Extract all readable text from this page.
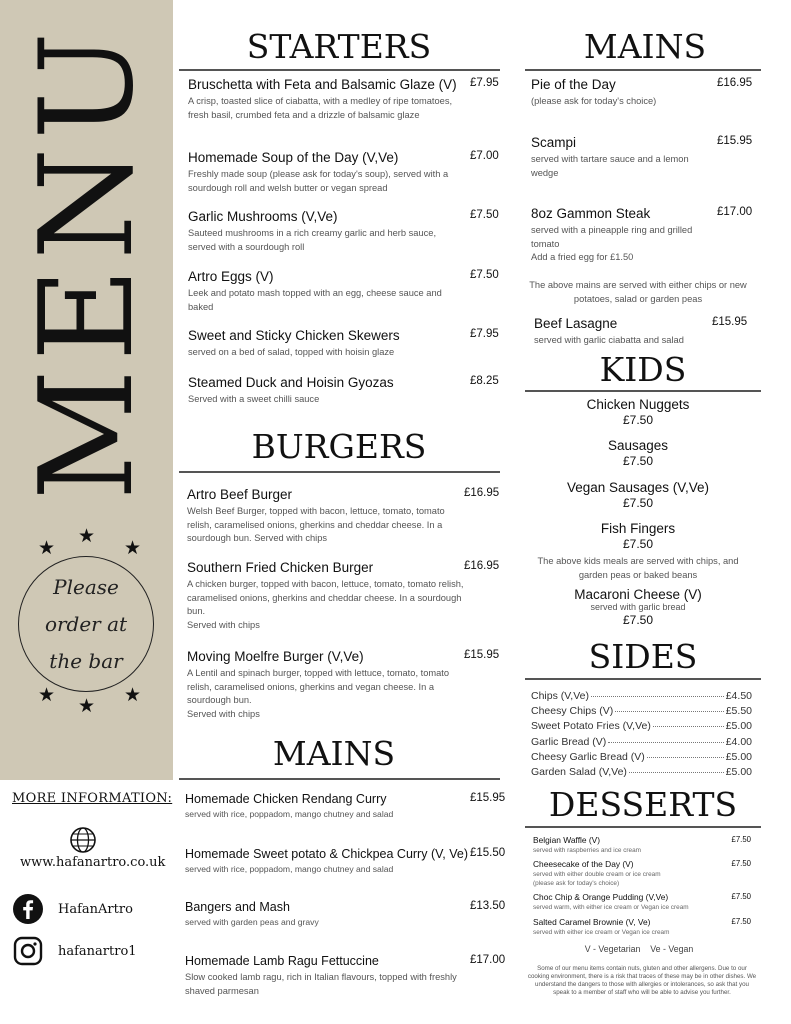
MENU
★
★
★
★ ★ ★
Please
order at
the bar
MORE INFORMATION:
www.hafanartro.co.uk
HafanArtro
hafanartro1
STARTERS
Bruschetta with Feta and Balsamic Glaze (V)	£7.95
A crisp, toasted slice of ciabatta, with a medley of ripe tomatoes, fresh basil, crumbed feta and a drizzle of balsamic glaze
Homemade Soup of the Day (V,Ve)	£7.00
Freshly made soup (please ask for today's soup), served with a sourdough roll and welsh butter or vegan spread
Garlic Mushrooms (V,Ve)	£7.50
Sauteed mushrooms in a rich creamy garlic and herb sauce, served with a sourdough roll
Artro Eggs (V)	£7.50
Leek and potato mash topped with an egg, cheese sauce and baked
Sweet and Sticky Chicken Skewers	£7.95
served on a bed of salad, topped with hoisin glaze
Steamed Duck and Hoisin Gyozas	£8.25
Served with a sweet chilli sauce
BURGERS
Artro Beef Burger	£16.95
Welsh Beef Burger, topped with bacon, lettuce, tomato, tomato relish, caramelised onions, gherkins and cheddar cheese. In a sourdough bun. Served with chips
Southern Fried Chicken Burger	£16.95
A chicken burger, topped with bacon, lettuce, tomato, tomato relish, caramelised onions, gherkins and cheddar cheese. In a sourdough bun.
Served with chips
Moving Moelfre Burger (V,Ve)	£15.95
A Lentil and spinach burger, topped with lettuce, tomato, tomato relish, caramelised onions, gherkins and vegan cheese. In a sourdough bun.
Served with chips
MAINS
Homemade Chicken Rendang Curry	£15.95
served with rice, poppadom, mango chutney and salad
Homemade Sweet potato & Chickpea Curry (V, Ve) £15.50
served with rice, poppadom, mango chutney and salad
Bangers and Mash	£13.50
served with garden peas and gravy
Homemade Lamb Ragu Fettuccine	£17.00
Slow cooked lamb ragu, rich in Italian flavours, topped with freshly shaved parmesan
MAINS
Pie of the Day	£16.95
(please ask for today's choice)
Scampi	£15.95
served with tartare sauce and a lemon wedge
8oz Gammon Steak	£17.00
served with a pineapple ring and grilled tomato
Add a fried egg for £1.50
The above mains are served with either chips or new potatoes, salad or garden peas
Beef Lasagne	£15.95
served with garlic ciabatta and salad
KIDS
Chicken Nuggets
£7.50
Sausages
£7.50
Vegan Sausages (V,Ve)
£7.50
Fish Fingers
£7.50
The above kids meals are served with chips, and garden peas or baked beans
Macaroni Cheese (V)
served with garlic bread
£7.50
SIDES
Chips (V,Ve)	£4.50
Cheesy Chips (V)	£5.50
Sweet Potato Fries (V,Ve)	£5.00
Garlic Bread (V)	£4.00
Cheesy Garlic Bread (V)	£5.00
Garden Salad (V,Ve)	£5.00
DESSERTS
Belgian Waffle (V)	£7.50
served with raspberries and ice cream
Cheesecake of the Day (V)	£7.50
served with either double cream or ice cream
(please ask for today's choice)
Choc Chip & Orange Pudding (V,Ve)	£7.50
served warm, with either ice cream or Vegan ice cream
Salted Caramel Brownie (V, Ve)	£7.50
served with either ice cream or Vegan ice cream
V - Vegetarian    Ve - Vegan
Some of our menu items contain nuts, gluten and other allergens. Due to our cooking environment, there is a risk that traces of these may be in other dishes. We understand the dangers to those with allergies or intolerances, so ask that you speak to a member of staff who will be able to advise you further.
